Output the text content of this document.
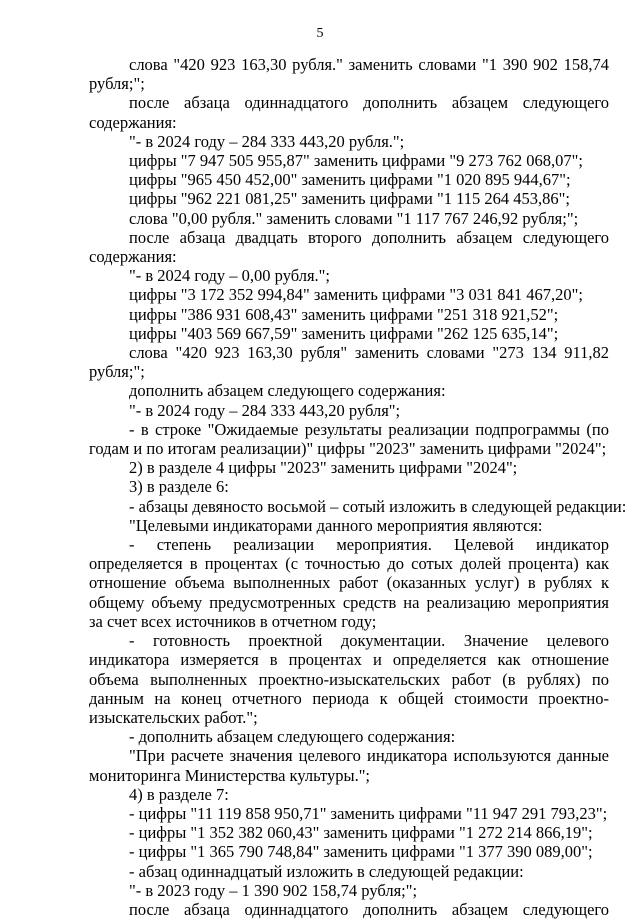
5

слова "420 923 163,30 рубля." заменить словами "1 390 902 158,74 рубля;";

после абзаца одиннадцатого дополнить абзацем следующего содержания:

"- в 2024 году – 284 333 443,20 рубля.";

цифры "7 947 505 955,87" заменить цифрами "9 273 762 068,07";

цифры "965 450 452,00" заменить цифрами "1 020 895 944,67";

цифры "962 221 081,25" заменить цифрами "1 115 264 453,86";

слова "0,00 рубля." заменить словами "1 117 767 246,92 рубля;";

после абзаца двадцать второго дополнить абзацем следующего содержания:

"- в 2024 году – 0,00 рубля.";

цифры "3 172 352 994,84" заменить цифрами "3 031 841 467,20";

цифры "386 931 608,43" заменить цифрами "251 318 921,52";

цифры "403 569 667,59" заменить цифрами "262 125 635,14";

слова "420 923 163,30 рубля" заменить словами "273 134 911,82 рубля;";

дополнить абзацем следующего содержания:

"- в 2024 году – 284 333 443,20 рубля";

- в строке "Ожидаемые результаты реализации подпрограммы (по годам и по итогам реализации)" цифры "2023" заменить цифрами "2024";

2) в разделе 4 цифры "2023" заменить цифрами "2024";

3) в разделе 6:

- абзацы девяносто восьмой – сотый изложить в следующей редакции:

"Целевыми индикаторами данного мероприятия являются:

- степень реализации мероприятия. Целевой индикатор определяется в процентах (с точностью до сотых долей процента) как отношение объема выполненных работ (оказанных услуг) в рублях к общему объему предусмотренных средств на реализацию мероприятия за счет всех источников в отчетном году;

- готовность проектной документации. Значение целевого индикатора измеряется в процентах и определяется как отношение объема выполненных проектно-изыскательских работ (в рублях) по данным на конец отчетного периода к общей стоимости проектно-изыскательских работ.";

- дополнить абзацем следующего содержания:

"При расчете значения целевого индикатора используются данные мониторинга Министерства культуры.";

4) в разделе 7:

- цифры "11 119 858 950,71" заменить цифрами "11 947 291 793,23";

- цифры "1 352 382 060,43" заменить цифрами "1 272 214 866,19";

- цифры "1 365 790 748,84" заменить цифрами "1 377 390 089,00";

- абзац одиннадцатый изложить в следующей редакции:

"- в 2023 году – 1 390 902 158,74 рубля;";

после абзаца одиннадцатого дополнить абзацем следующего
